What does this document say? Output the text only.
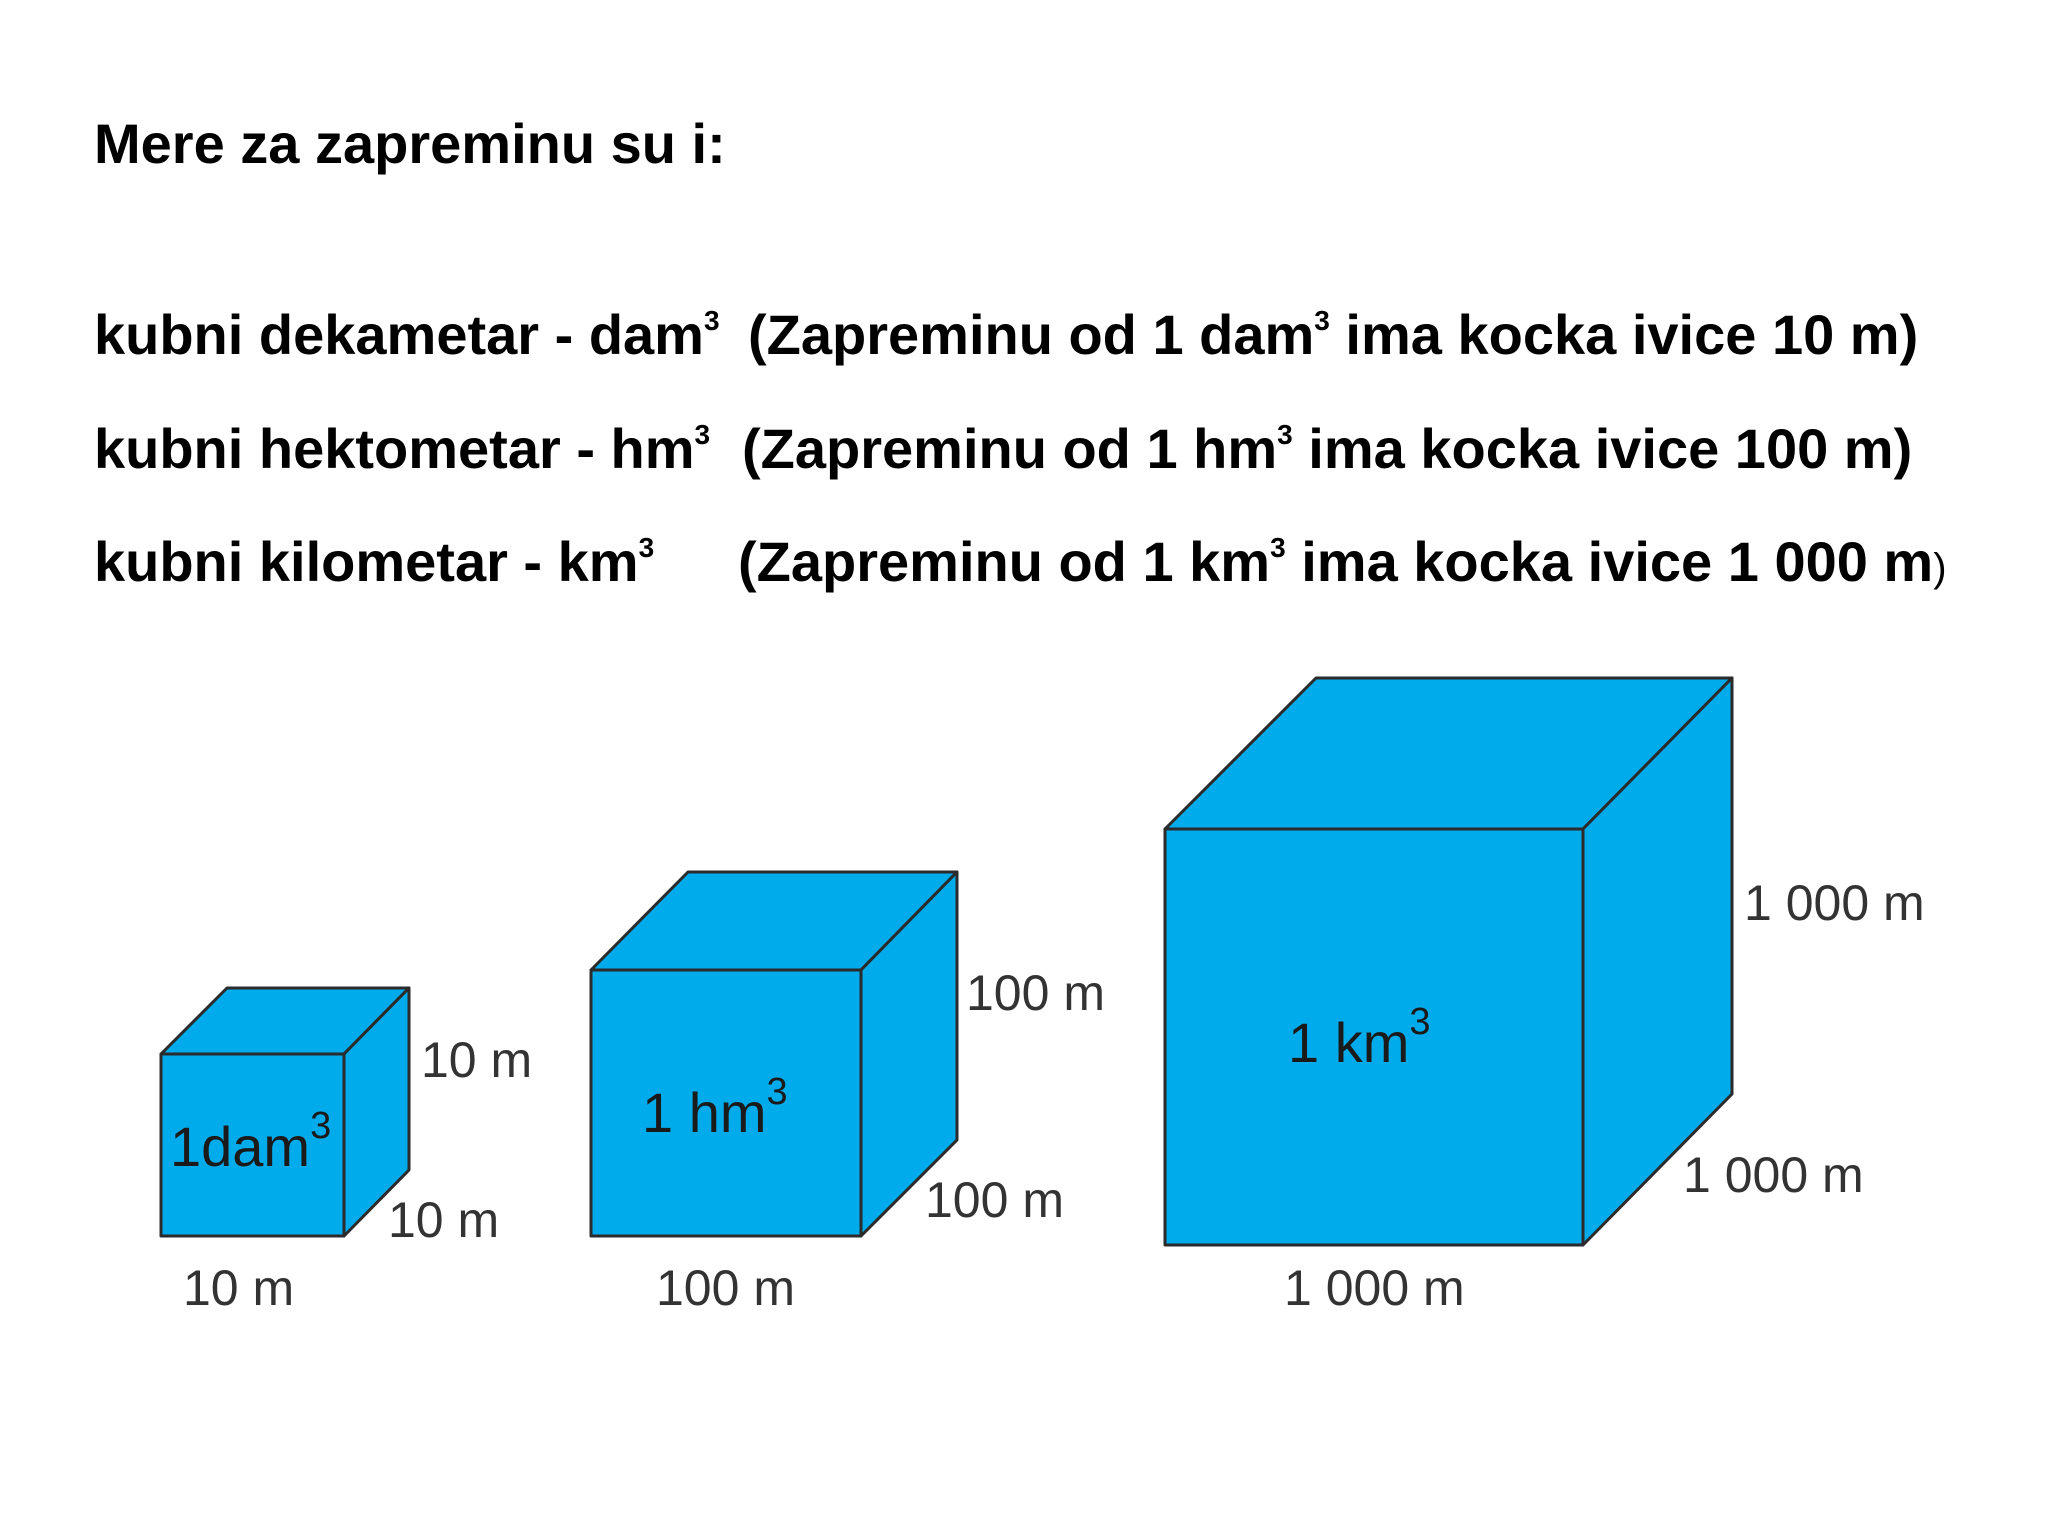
Mere za zapreminu su i:
kubni dekametar - dam$^3$ (Zapreminu od 1 dam$^3$ ima kocka ivice 10 m)
kubni hektometar - $hm^3$ (Zapreminu od 1 $hm^3$ ima kocka ivice 100 m)
kubni kilometar - $km^3$ (Zapreminu od 1 $km^3$ ima kocka ivice 1 000 m)
1dam$^3$
10 m
10 m
10 m
1 $hm^3$
100 m
100 m
100 m
1 $km^3$
1 000 m
1 000 m
1 000 m
